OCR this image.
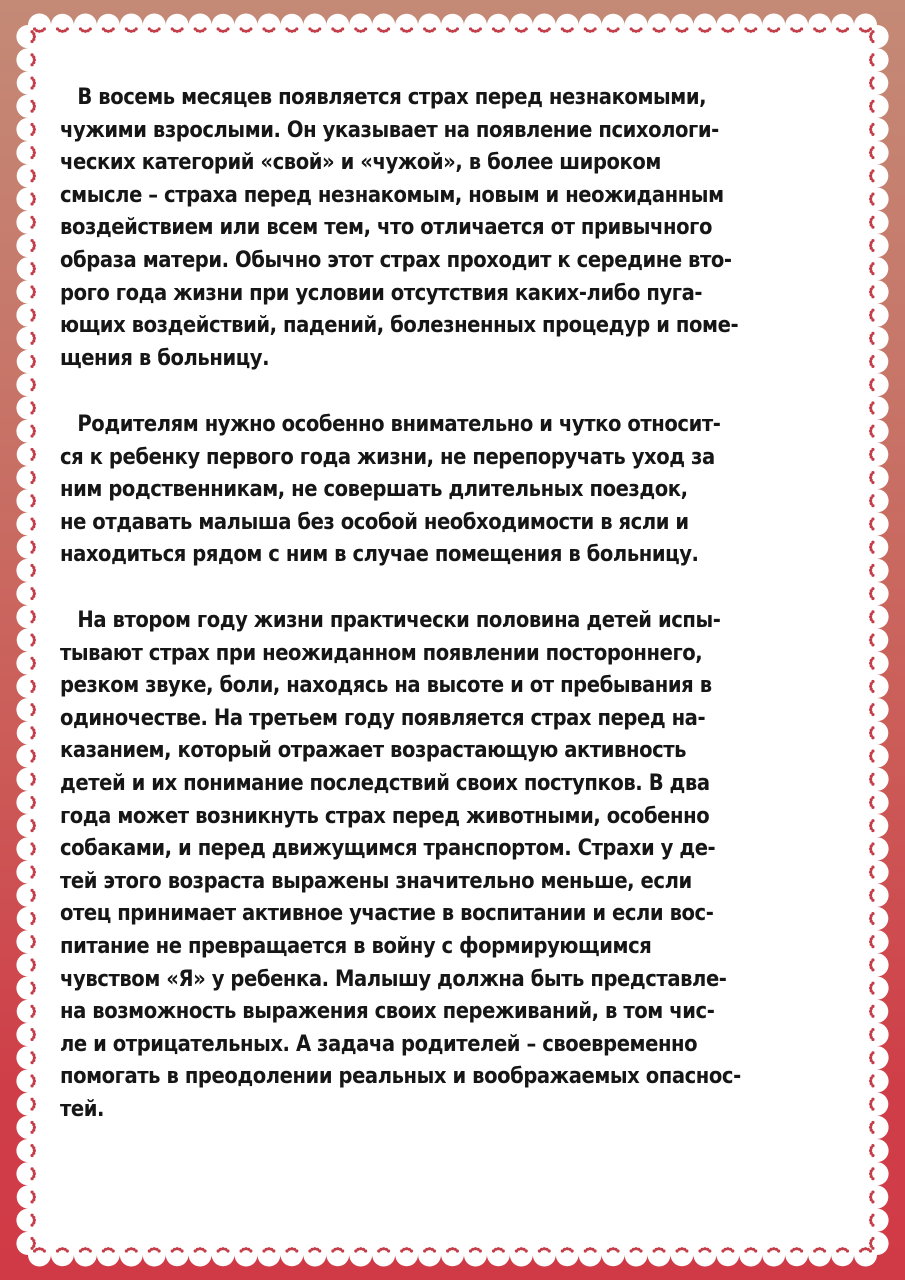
В восемь месяцев появляется страх перед незнакомыми,
чужими взрослыми. Он указывает на появление психологи-
ческих категорий «свой» и «чужой», в более широком
смысле – страха перед незнакомым, новым и неожиданным
воздействием или всем тем, что отличается от привычного
образа матери. Обычно этот страх проходит к середине вто-
рого года жизни при условии отсутствия каких-либо пуга-
ющих воздействий, падений, болезненных процедур и поме-
щения в больницу.
Родителям нужно особенно внимательно и чутко относит-
ся к ребенку первого года жизни, не перепоручать уход за
ним родственникам, не совершать длительных поездок,
не отдавать малыша без особой необходимости в ясли и
находиться рядом с ним в случае помещения в больницу.
На втором году жизни практически половина детей испы-
тывают страх при неожиданном появлении постороннего,
резком звуке, боли, находясь на высоте и от пребывания в
одиночестве. На третьем году появляется страх перед на-
казанием, который отражает возрастающую активность
детей и их понимание последствий своих поступков. В два
года может возникнуть страх перед животными, особенно
собаками, и перед движущимся транспортом. Страхи у де-
тей этого возраста выражены значительно меньше, если
отец принимает активное участие в воспитании и если вос-
питание не превращается в войну с формирующимся
чувством «Я» у ребенка. Малышу должна быть представле-
на возможность выражения своих переживаний, в том чис-
ле и отрицательных. А задача родителей – своевременно
помогать в преодолении реальных и воображаемых опаснос-
тей.
